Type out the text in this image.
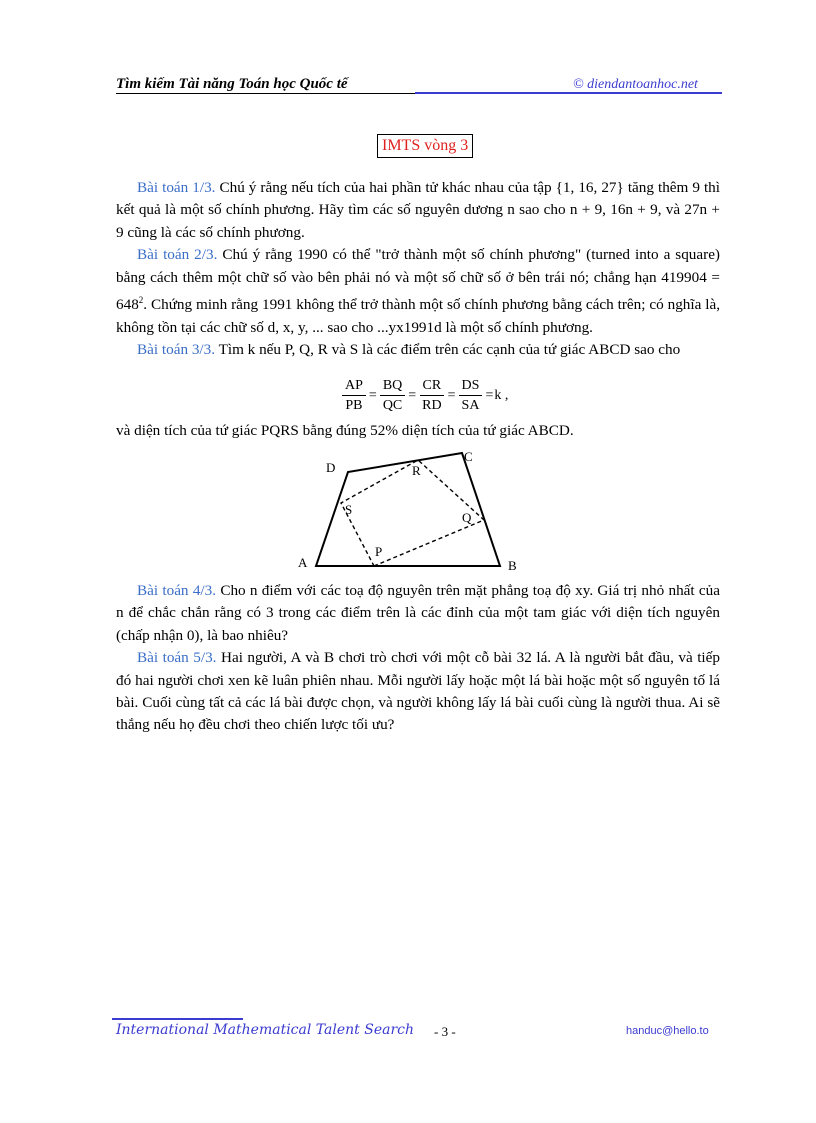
Tìm kiếm Tài năng Toán học Quốc tế	© diendantoanhoc.net
IMTS vòng 3

Bài toán 1/3. Chú ý rằng nếu tích của hai phần tử khác nhau của tập {1, 16, 27} tăng thêm 9 thì kết quả là một số chính phương. Hãy tìm các số nguyên dương n sao cho n + 9, 16n + 9, và 27n + 9 cũng là các số chính phương.

Bài toán 2/3. Chú ý rằng 1990 có thể "trở thành một số chính phương" (turned into a square) bằng cách thêm một chữ số vào bên phải nó và một số chữ số ở bên trái nó; chẳng hạn $419904 = 648^2$. Chứng minh rằng 1991 không thể trở thành một số chính phương bằng cách trên; có nghĩa là, không tồn tại các chữ số d, x, y, ... sao cho ...yx1991d là một số chính phương.

Bài toán 3/3. Tìm k nếu P, Q, R và S là các điểm trên các cạnh của tứ giác ABCD sao cho

$\frac{AP}{PB} = \frac{BQ}{QC} = \frac{CR}{RD} = \frac{DS}{SA} = k$ ,
và diện tích của tứ giác PQRS bằng đúng 52% diện tích của tứ giác ABCD.
A	B
C
D
P
Q
R
S

Bài toán 4/3. Cho n điểm với các toạ độ nguyên trên mặt phẳng toạ độ xy. Giá trị nhỏ nhất của n để chắc chắn rằng có 3 trong các điểm trên là các đỉnh của một tam giác với diện tích nguyên (chấp nhận 0), là bao nhiêu?

Bài toán 5/3. Hai người, A và B chơi trò chơi với một cỗ bài 32 lá. A là người bắt đầu, và tiếp đó hai người chơi xen kẽ luân phiên nhau. Mỗi người lấy hoặc một lá bài hoặc một số nguyên tố lá bài. Cuối cùng tất cả các lá bài được chọn, và người không lấy lá bài cuối cùng là người thua. Ai sẽ thắng nếu họ đều chơi theo chiến lược tối ưu?

International Mathematical Talent Search - 3 -	handuc@hello.to
